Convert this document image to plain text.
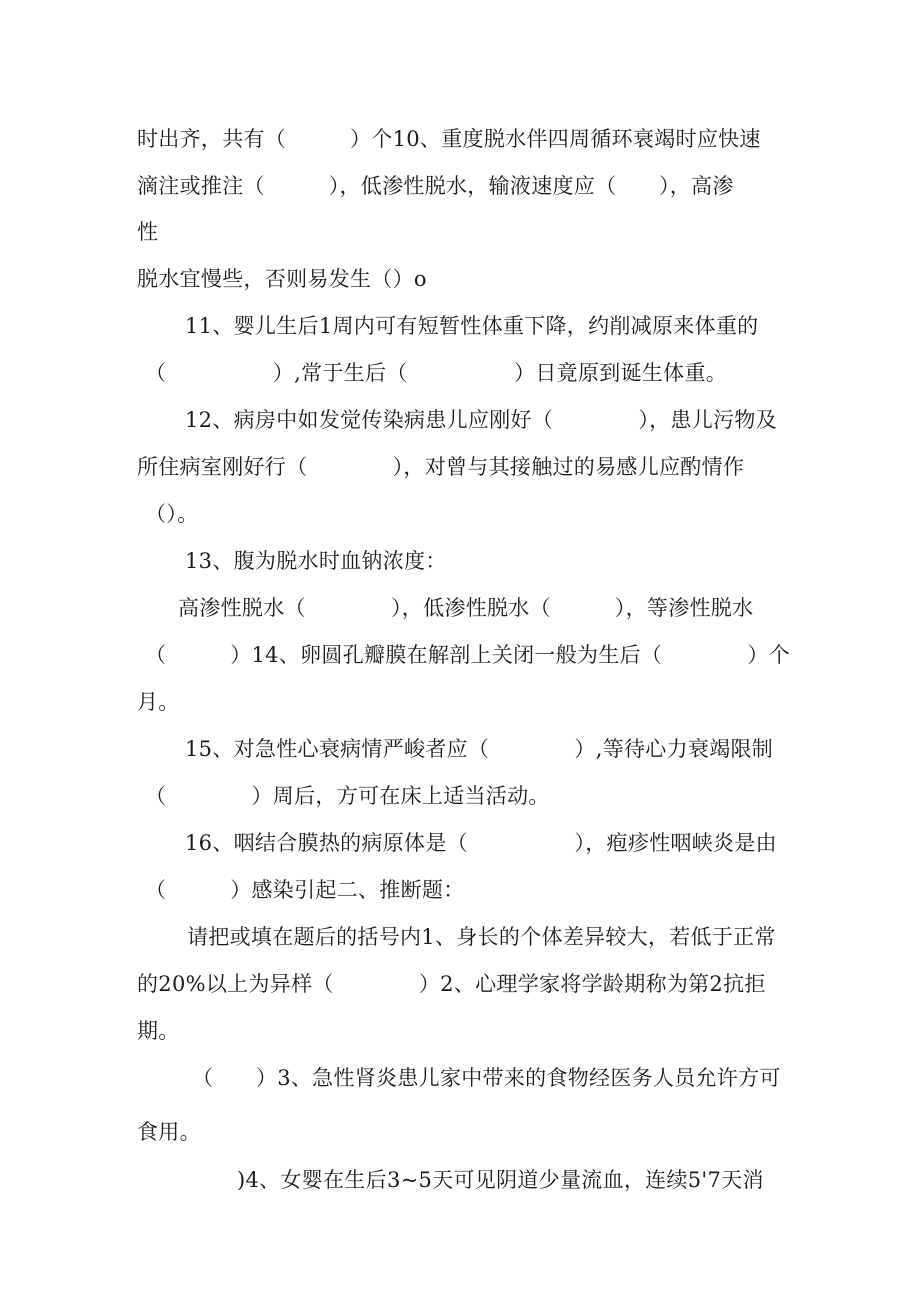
时出齐，共有（　　　）个10、重度脱水伴四周循环衰竭时应快速

滴注或推注（　　　），低渗性脱水，输液速度应（　　），高渗

性

脱水宜慢些，否则易发生（）o

11、婴儿生后1周内可有短暂性体重下降，约削减原来体重的

（　　　　　）,常于生后（　　　　　）日竟原到诞生体重。

12、病房中如发觉传染病患儿应刚好（　　　　），患儿污物及

所住病室刚好行（　　　　），对曾与其接触过的易感儿应酌情作

（）。

13、腹为脱水时血钠浓度：

高渗性脱水（　　　　），低渗性脱水（　　　），等渗性脱水

（　　　）14、卵圆孔瓣膜在解剖上关闭一般为生后（　　　　）个

月。

15、对急性心衰病情严峻者应（　　　　）,等待心力衰竭限制

（　　　　）周后，方可在床上适当活动。

16、咽结合膜热的病原体是（　　　　　），疱疹性咽峡炎是由

（　　　）感染引起二、推断题：

请把或填在题后的括号内1、身长的个体差异较大，若低于正常

的20%以上为异样（　　　　）2、心理学家将学龄期称为第2抗拒

期。

（　　）3、急性肾炎患儿家中带来的食物经医务人员允许方可

食用。

)4、女婴在生后3~5天可见阴道少量流血，连续5'7天消
